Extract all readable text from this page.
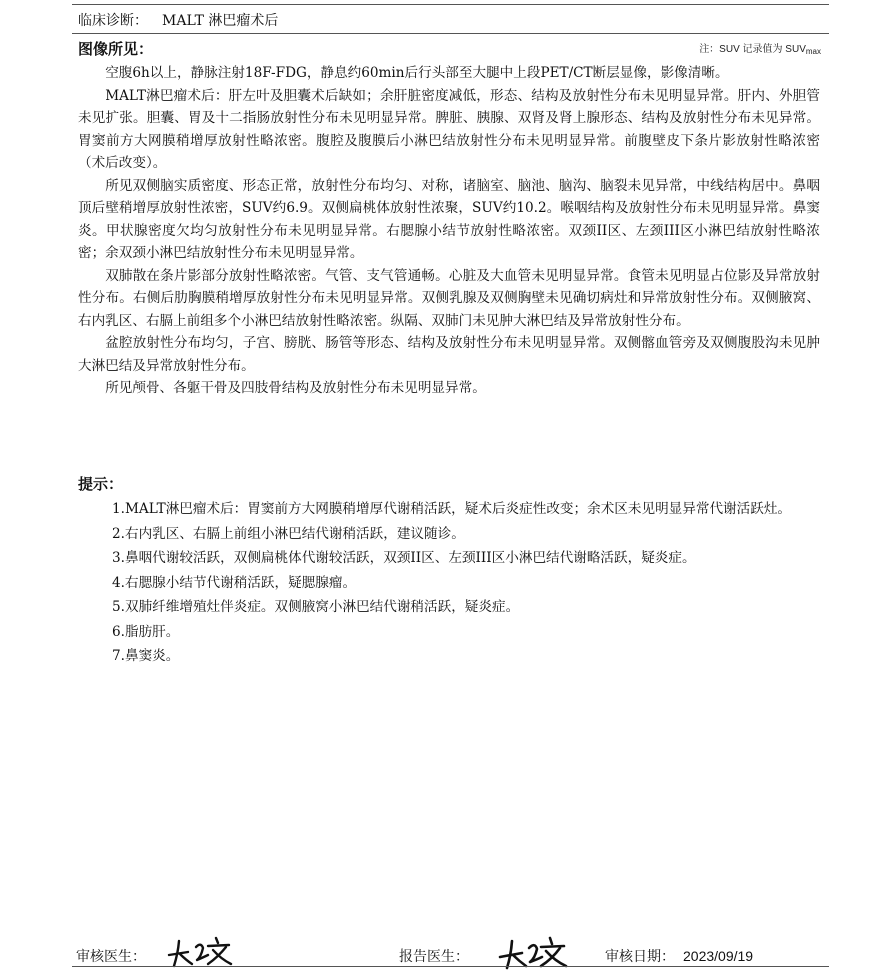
临床诊断： MALT 淋巴瘤术后
图像所见：	注：SUV 记录值为 $SUV_{max}$

空腹6h以上，静脉注射18F-FDG，静息约60min后行头部至大腿中上段PET/CT断层显像，影像清晰。

MALT淋巴瘤术后：肝左叶及胆囊术后缺如；余肝脏密度减低，形态、结构及放射性分布未见明显异常。肝内、外胆管未见扩张。胆囊、胃及十二指肠放射性分布未见明显异常。脾脏、胰腺、双肾及肾上腺形态、结构及放射性分布未见异常。胃窦前方大网膜稍增厚放射性略浓密。腹腔及腹膜后小淋巴结放射性分布未见明显异常。前腹壁皮下条片影放射性略浓密（术后改变）。

所见双侧脑实质密度、形态正常，放射性分布均匀、对称，诸脑室、脑池、脑沟、脑裂未见异常，中线结构居中。鼻咽顶后壁稍增厚放射性浓密，SUV约6.9。双侧扁桃体放射性浓聚，SUV约10.2。喉咽结构及放射性分布未见明显异常。鼻窦炎。甲状腺密度欠均匀放射性分布未见明显异常。右腮腺小结节放射性略浓密。双颈II区、左颈III区小淋巴结放射性略浓密；余双颈小淋巴结放射性分布未见明显异常。

双肺散在条片影部分放射性略浓密。气管、支气管通畅。心脏及大血管未见明显异常。食管未见明显占位影及异常放射性分布。右侧后肋胸膜稍增厚放射性分布未见明显异常。双侧乳腺及双侧胸壁未见确切病灶和异常放射性分布。双侧腋窝、右内乳区、右膈上前组多个小淋巴结放射性略浓密。纵隔、双肺门未见肿大淋巴结及异常放射性分布。

盆腔放射性分布均匀，子宫、膀胱、肠管等形态、结构及放射性分布未见明显异常。双侧髂血管旁及双侧腹股沟未见肿大淋巴结及异常放射性分布。

所见颅骨、各躯干骨及四肢骨结构及放射性分布未见明显异常。

提示：
1.MALT淋巴瘤术后：胃窦前方大网膜稍增厚代谢稍活跃，疑术后炎症性改变；余术区未见明显异常代谢活跃灶。
2.右内乳区、右膈上前组小淋巴结代谢稍活跃，建议随诊。
3.鼻咽代谢较活跃，双侧扁桃体代谢较活跃，双颈II区、左颈III区小淋巴结代谢略活跃，疑炎症。
4.右腮腺小结节代谢稍活跃，疑腮腺瘤。
5.双肺纤维增殖灶伴炎症。双侧腋窝小淋巴结代谢稍活跃，疑炎症。
6.脂肪肝。
7.鼻窦炎。
审核医生：	报告医生：	审核日期： 2023/09/19
